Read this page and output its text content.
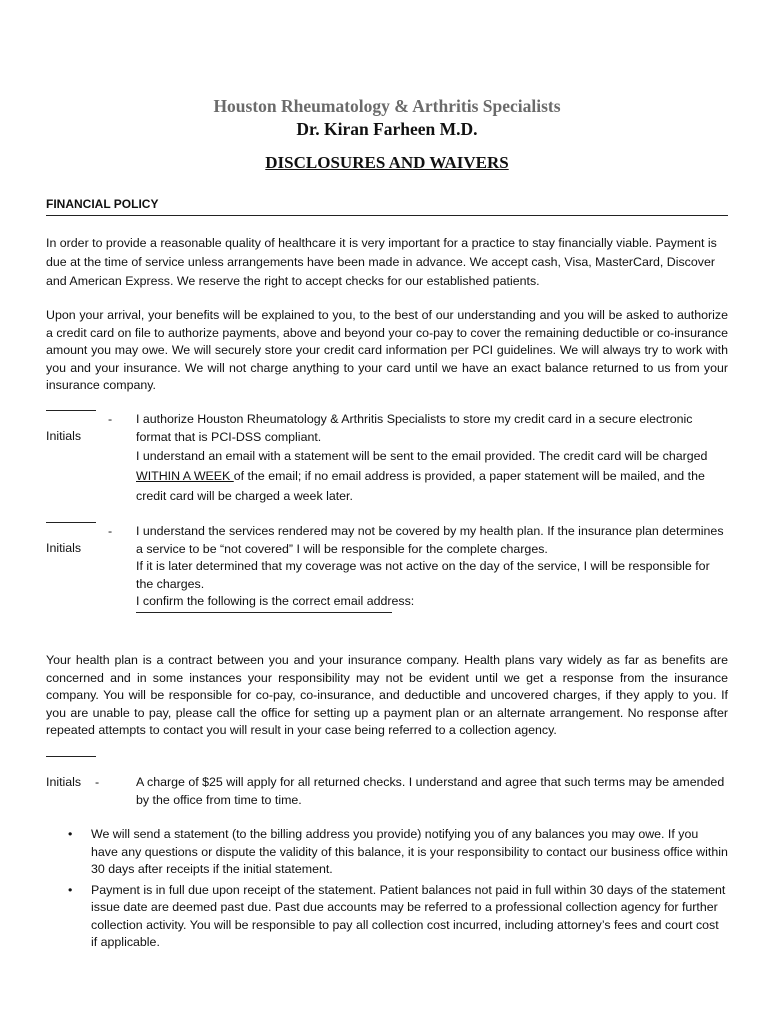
Houston Rheumatology & Arthritis Specialists
Dr. Kiran Farheen M.D.
DISCLOSURES AND WAIVERS
FINANCIAL POLICY

In order to provide a reasonable quality of healthcare it is very important for a practice to stay financially viable. Payment is due at the time of service unless arrangements have been made in advance. We accept cash, Visa, MasterCard, Discover and American Express. We reserve the right to accept checks for our established patients.

Upon your arrival, your benefits will be explained to you, to the best of our understanding and you will be asked to authorize a credit card on file to authorize payments, above and beyond your co-pay to cover the remaining deductible or co-insurance amount you may owe. We will securely store your credit card information per PCI guidelines. We will always try to work with you and your insurance. We will not charge anything to your card until we have an exact balance returned to us from your insurance company.

Initials
- I authorize Houston Rheumatology & Arthritis Specialists to store my credit card in a secure electronic format that is PCI-DSS compliant.

I understand an email with a statement will be sent to the email provided. The credit card will be charged WITHIN A WEEK of the email; if no email address is provided, a paper statement will be mailed, and the credit card will be charged a week later.

Initials
- I understand the services rendered may not be covered by my health plan. If the insurance plan determines a service to be “not covered” I will be responsible for the complete charges.
If it is later determined that my coverage was not active on the day of the service, I will be responsible for the charges.
I confirm the following is the correct email address:

Your health plan is a contract between you and your insurance company. Health plans vary widely as far as benefits are concerned and in some instances your responsibility may not be evident until we get a response from the insurance company. You will be responsible for co-pay, co-insurance, and deductible and uncovered charges, if they apply to you. If you are unable to pay, please call the office for setting up a payment plan or an alternate arrangement. No response after repeated attempts to contact you will result in your case being referred to a collection agency.

Initials -	A charge of $25 will apply for all returned checks. I understand and agree that such terms may be amended by the office from time to time.

• We will send a statement (to the billing address you provide) notifying you of any balances you may owe. If you have any questions or dispute the validity of this balance, it is your responsibility to contact our business office within 30 days after receipts if the initial statement.
• Payment is in full due upon receipt of the statement. Patient balances not paid in full within 30 days of the statement issue date are deemed past due. Past due accounts may be referred to a professional collection agency for further collection activity. You will be responsible to pay all collection cost incurred, including attorney’s fees and court cost if applicable.
